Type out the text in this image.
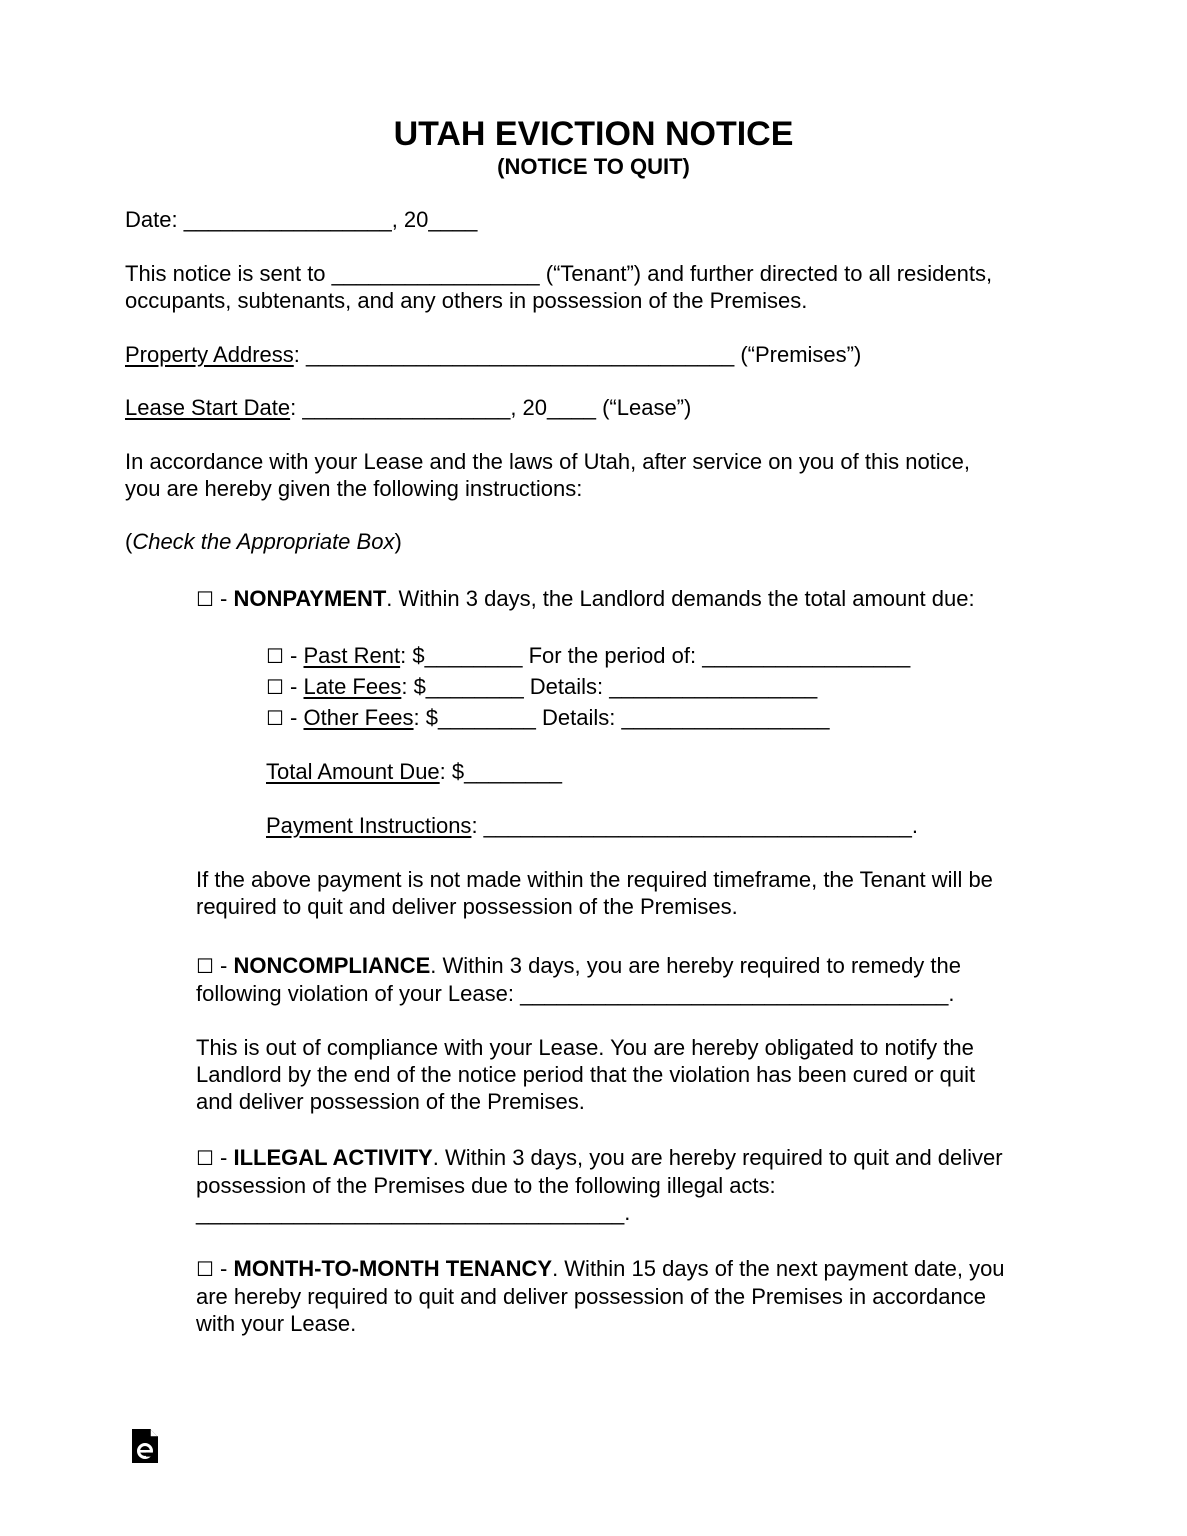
UTAH EVICTION NOTICE
(NOTICE TO QUIT)
Date: _________________, 20____
This notice is sent to _________________ (“Tenant”) and further directed to all residents,
occupants, subtenants, and any others in possession of the Premises.
Property Address: ___________________________________ (“Premises”)
Lease Start Date: _________________, 20____ (“Lease”)
In accordance with your Lease and the laws of Utah, after service on you of this notice,
you are hereby given the following instructions:
(Check the Appropriate Box)
☐ - NONPAYMENT. Within 3 days, the Landlord demands the total amount due:
☐ - Past Rent: $________ For the period of: _________________
☐ - Late Fees: $________ Details: _________________
☐ - Other Fees: $________ Details: _________________
Total Amount Due: $________
Payment Instructions: ___________________________________.
If the above payment is not made within the required timeframe, the Tenant will be
required to quit and deliver possession of the Premises.
☐ - NONCOMPLIANCE. Within 3 days, you are hereby required to remedy the
following violation of your Lease: ___________________________________.
This is out of compliance with your Lease. You are hereby obligated to notify the
Landlord by the end of the notice period that the violation has been cured or quit
and deliver possession of the Premises.
☐ - ILLEGAL ACTIVITY. Within 3 days, you are hereby required to quit and deliver
possession of the Premises due to the following illegal acts:
___________________________________.
☐ - MONTH-TO-MONTH TENANCY. Within 15 days of the next payment date, you
are hereby required to quit and deliver possession of the Premises in accordance
with your Lease.
